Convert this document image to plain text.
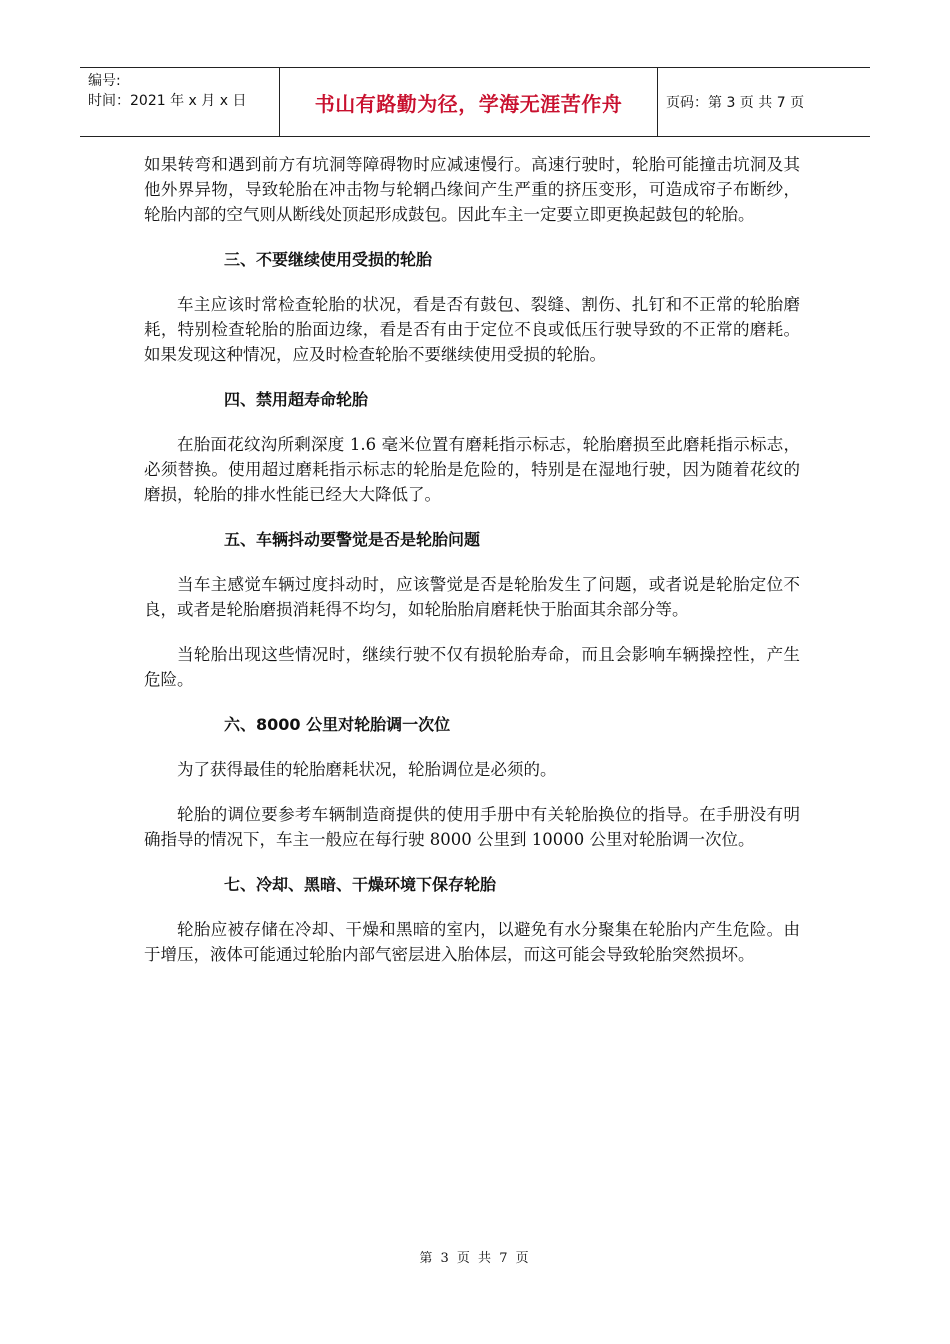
编号:
时间：2021 年 x 月 x 日	书山有路勤为径，学海无涯苦作舟	页码：第 3 页 共 7 页

如果转弯和遇到前方有坑洞等障碍物时应减速慢行。高速行驶时，轮胎可能撞击坑洞及其他外界异物，导致轮胎在冲击物与轮辋凸缘间产生严重的挤压变形，可造成帘子布断纱，轮胎内部的空气则从断线处顶起形成鼓包。因此车主一定要立即更换起鼓包的轮胎。

三、不要继续使用受损的轮胎

车主应该时常检查轮胎的状况，看是否有鼓包、裂缝、割伤、扎钉和不正常的轮胎磨耗，特别检查轮胎的胎面边缘，看是否有由于定位不良或低压行驶导致的不正常的磨耗。如果发现这种情况，应及时检查轮胎不要继续使用受损的轮胎。

四、禁用超寿命轮胎

在胎面花纹沟所剩深度 1.6 毫米位置有磨耗指示标志，轮胎磨损至此磨耗指示标志，必须替换。使用超过磨耗指示标志的轮胎是危险的，特别是在湿地行驶，因为随着花纹的磨损，轮胎的排水性能已经大大降低了。

五、车辆抖动要警觉是否是轮胎问题

当车主感觉车辆过度抖动时，应该警觉是否是轮胎发生了问题，或者说是轮胎定位不良，或者是轮胎磨损消耗得不均匀，如轮胎胎肩磨耗快于胎面其余部分等。

当轮胎出现这些情况时，继续行驶不仅有损轮胎寿命，而且会影响车辆操控性，产生危险。

六、8000 公里对轮胎调一次位

为了获得最佳的轮胎磨耗状况，轮胎调位是必须的。

轮胎的调位要参考车辆制造商提供的使用手册中有关轮胎换位的指导。在手册没有明确指导的情况下，车主一般应在每行驶 8000 公里到 10000 公里对轮胎调一次位。

七、冷却、黑暗、干燥环境下保存轮胎

轮胎应被存储在冷却、干燥和黑暗的室内，以避免有水分聚集在轮胎内产生危险。由于增压，液体可能通过轮胎内部气密层进入胎体层，而这可能会导致轮胎突然损坏。

第 3 页 共 7 页
